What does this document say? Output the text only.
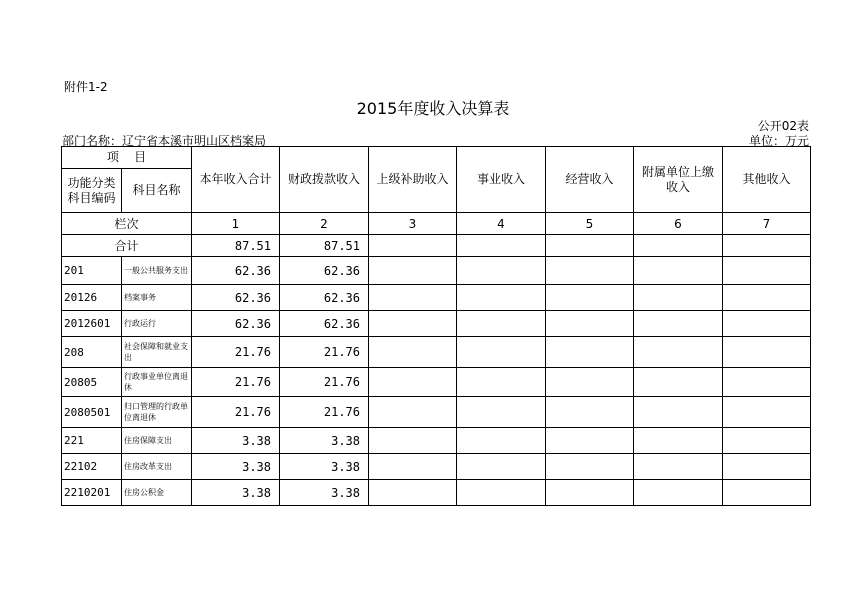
附件1-2
2015年度收入决算表
公开02表
部门名称：辽宁省本溪市明山区档案局	单位：万元
项    目		本年收入合计	财政拨款收入	上级补助收入	事业收入	经营收入	附属单位上缴收入	其他收入
功能分类科目编码	科目名称							
栏次		1	2	3	4	5	6	7
合计		87.51	87.51					
201	一般公共服务支出	62.36	62.36					
20126	档案事务	62.36	62.36					
2012601	行政运行	62.36	62.36					
208	社会保障和就业支出	21.76	21.76					
20805	行政事业单位离退休	21.76	21.76					
2080501	归口管理的行政单位离退休	21.76	21.76					
221	住房保障支出	3.38	3.38					
22102	住房改革支出	3.38	3.38					
2210201	住房公积金	3.38	3.38					
